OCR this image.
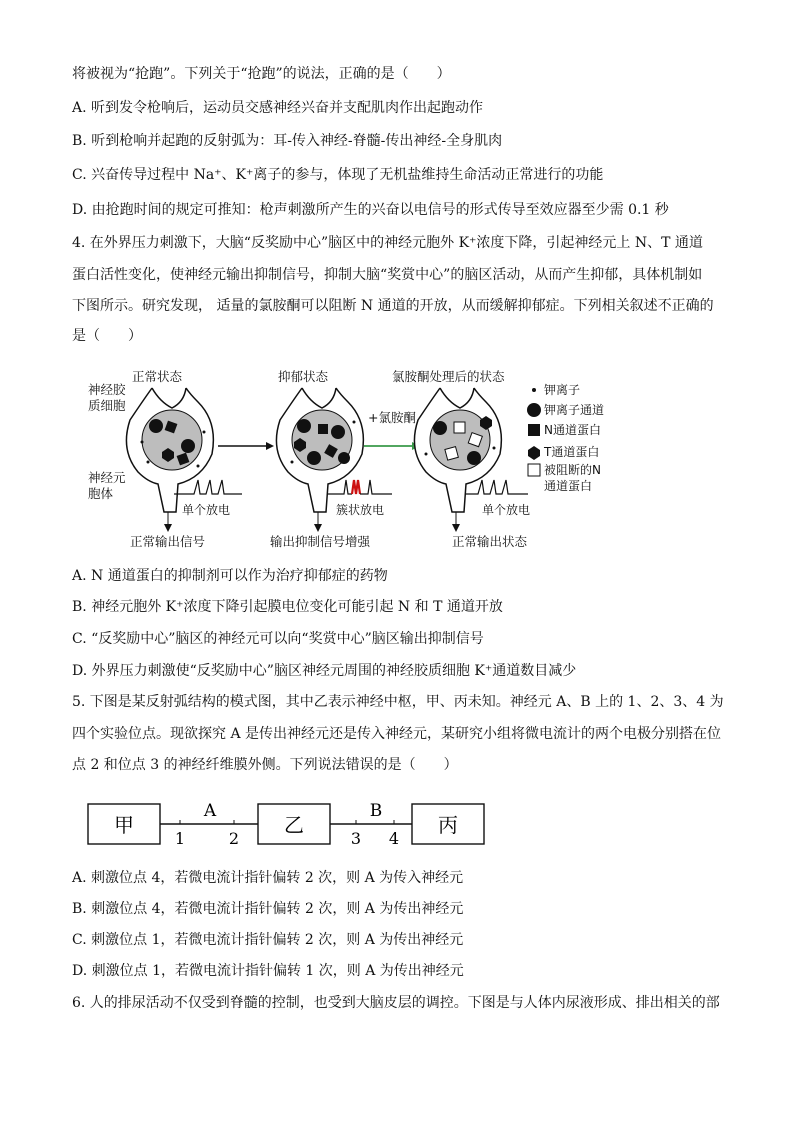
将被视为“抢跑”。下列关于“抢跑”的说法，正确的是（　　）
A. 听到发令枪响后，运动员交感神经兴奋并支配肌肉作出起跑动作
B. 听到枪响并起跑的反射弧为：耳-传入神经-脊髓-传出神经-全身肌肉
C. 兴奋传导过程中 Na⁺、K⁺离子的参与，体现了无机盐维持生命活动正常进行的功能
D. 由抢跑时间的规定可推知：枪声刺激所产生的兴奋以电信号的形式传导至效应器至少需 0.1 秒
4. 在外界压力刺激下，大脑“反奖励中心”脑区中的神经元胞外 K⁺浓度下降，引起神经元上 N、T 通道
蛋白活性变化，使神经元输出抑制信号，抑制大脑“奖赏中心”的脑区活动，从而产生抑郁，具体机制如
下图所示。研究发现， 适量的氯胺酮可以阻断 N 通道的开放，从而缓解抑郁症。下列相关叙述不正确的
是（　　）
正常状态	抑郁状态	氯胺酮处理后的状态
神经胶
质细胞
神经元
胞体
+氯胺酮
单个放电	簇状放电	单个放电
正常输出信号	输出抑制信号增强	正常输出状态
钾离子
钾离子通道
N通道蛋白
T通道蛋白
被阻断的N
通道蛋白
A. N 通道蛋白的抑制剂可以作为治疗抑郁症的药物
B. 神经元胞外 K⁺浓度下降引起膜电位变化可能引起 N 和 T 通道开放
C. “反奖励中心”脑区的神经元可以向“奖赏中心”脑区输出抑制信号
D. 外界压力刺激使“反奖励中心”脑区神经元周围的神经胶质细胞 K⁺通道数目减少
5. 下图是某反射弧结构的模式图，其中乙表示神经中枢，甲、丙未知。神经元 A、B 上的 1、2、3、4 为
四个实验位点。现欲探究 A 是传出神经元还是传入神经元，某研究小组将微电流计的两个电极分别搭在位
点 2 和位点 3 的神经纤维膜外侧。下列说法错误的是（　　）
甲	乙	丙
A	B
1	2	3 4
A. 刺激位点 4，若微电流计指针偏转 2 次，则 A 为传入神经元
B. 刺激位点 4，若微电流计指针偏转 2 次，则 A 为传出神经元
C. 刺激位点 1，若微电流计指针偏转 2 次，则 A 为传出神经元
D. 刺激位点 1，若微电流计指针偏转 1 次，则 A 为传出神经元
6. 人的排尿活动不仅受到脊髓的控制，也受到大脑皮层的调控。下图是与人体内尿液形成、排出相关的部
